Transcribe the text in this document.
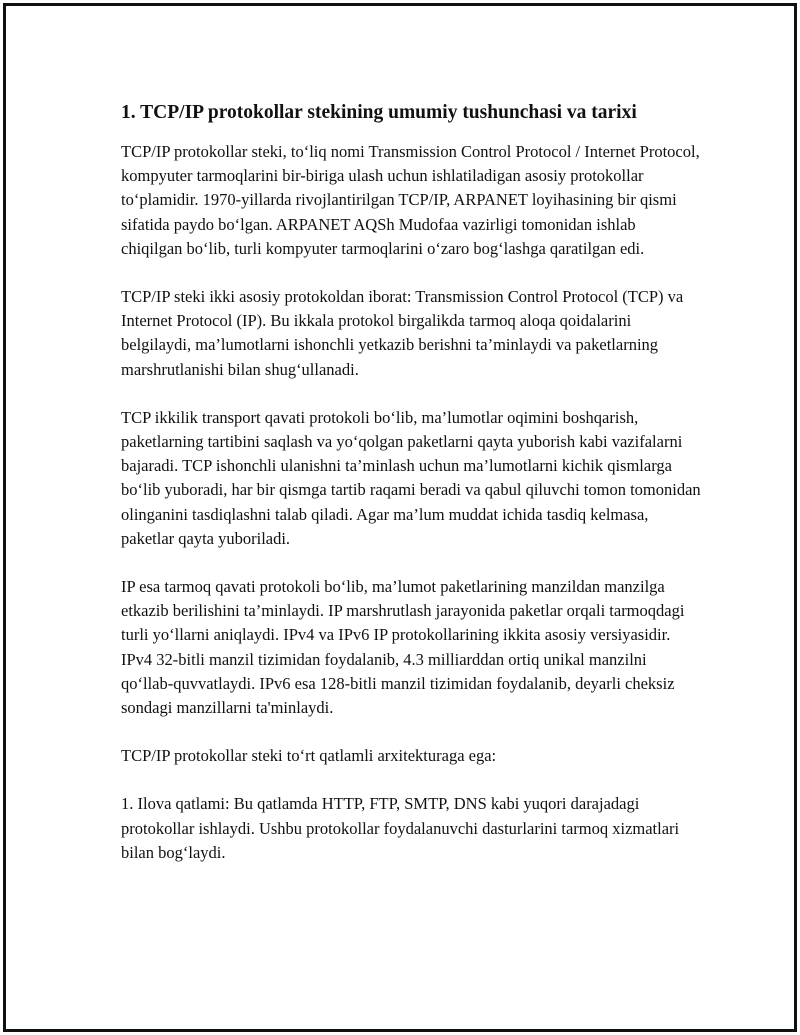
1. TCP/IP protokollar stekining umumiy tushunchasi va tarixi

TCP/IP protokollar steki, to‘liq nomi Transmission Control Protocol / Internet Protocol, kompyuter tarmoqlarini bir-biriga ulash uchun ishlatiladigan asosiy protokollar to‘plamidir. 1970-yillarda rivojlantirilgan TCP/IP, ARPANET loyihasining bir qismi sifatida paydo bo‘lgan. ARPANET AQSh Mudofaa vazirligi tomonidan ishlab chiqilgan bo‘lib, turli kompyuter tarmoqlarini o‘zaro bog‘lashga qaratilgan edi.

TCP/IP steki ikki asosiy protokoldan iborat: Transmission Control Protocol (TCP) va Internet Protocol (IP). Bu ikkala protokol birgalikda tarmoq aloqa qoidalarini belgilaydi, ma’lumotlarni ishonchli yetkazib berishni ta’minlaydi va paketlarning marshrutlanishi bilan shug‘ullanadi.

TCP ikkilik transport qavati protokoli bo‘lib, ma’lumotlar oqimini boshqarish, paketlarning tartibini saqlash va yo‘qolgan paketlarni qayta yuborish kabi vazifalarni bajaradi. TCP ishonchli ulanishni ta’minlash uchun ma’lumotlarni kichik qismlarga bo‘lib yuboradi, har bir qismga tartib raqami beradi va qabul qiluvchi tomon tomonidan olinganini tasdiqlashni talab qiladi. Agar ma’lum muddat ichida tasdiq kelmasa, paketlar qayta yuboriladi.

IP esa tarmoq qavati protokoli bo‘lib, ma’lumot paketlarining manzildan manzilga etkazib berilishini ta’minlaydi. IP marshrutlash jarayonida paketlar orqali tarmoqdagi turli yo‘llarni aniqlaydi. IPv4 va IPv6 IP protokollarining ikkita asosiy versiyasidir. IPv4 32-bitli manzil tizimidan foydalanib, 4.3 milliarddan ortiq unikal manzilni qo‘llab-quvvatlaydi. IPv6 esa 128-bitli manzil tizimidan foydalanib, deyarli cheksiz sondagi manzillarni ta'minlaydi.

TCP/IP protokollar steki to‘rt qatlamli arxitekturaga ega:

1. Ilova qatlami: Bu qatlamda HTTP, FTP, SMTP, DNS kabi yuqori darajadagi protokollar ishlaydi. Ushbu protokollar foydalanuvchi dasturlarini tarmoq xizmatlari bilan bog‘laydi.
